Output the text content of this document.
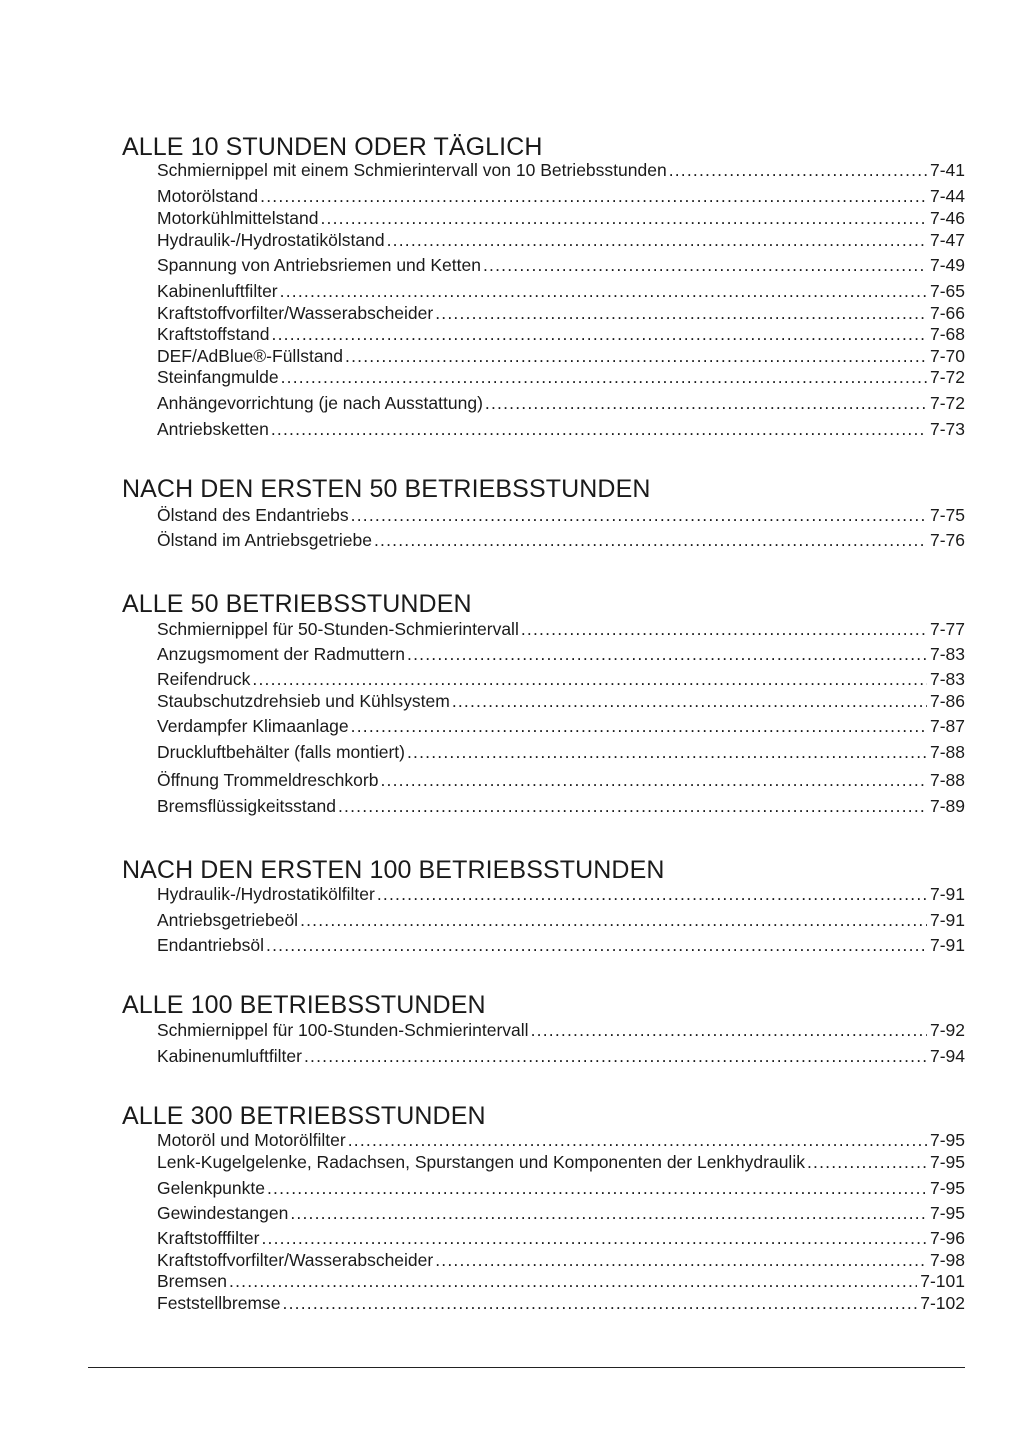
ALLE 10 STUNDEN ODER TÄGLICH
Schmiernippel mit einem Schmierintervall von 10 Betriebsstunden .....	7-41
Motorölstand .....	7-44
Motorkühlmittelstand .....	7-46
Hydraulik-/Hydrostatikölstand .....	7-47
Spannung von Antriebsriemen und Ketten .....	7-49
Kabinenluftfilter .....	7-65
Kraftstoffvorfilter/Wasserabscheider .....	7-66
Kraftstoffstand .....	7-68
DEF/AdBlue®-Füllstand .....	7-70
Steinfangmulde .....	7-72
Anhängevorrichtung (je nach Ausstattung) .....	7-72
Antriebsketten .....	7-73
NACH DEN ERSTEN 50 BETRIEBSSTUNDEN
Ölstand des Endantriebs .....	7-75
Ölstand im Antriebsgetriebe .....	7-76
ALLE 50 BETRIEBSSTUNDEN
Schmiernippel für 50-Stunden-Schmierintervall .....	7-77
Anzugsmoment der Radmuttern .....	7-83
Reifendruck .....	7-83
Staubschutzdrehsieb und Kühlsystem .....	7-86
Verdampfer Klimaanlage .....	7-87
Druckluftbehälter (falls montiert) .....	7-88
Öffnung Trommeldreschkorb .....	7-88
Bremsflüssigkeitsstand .....	7-89
NACH DEN ERSTEN 100 BETRIEBSSTUNDEN
Hydraulik-/Hydrostatikölfilter .....	7-91
Antriebsgetriebeöl .....	7-91
Endantriebsöl .....	7-91
ALLE 100 BETRIEBSSTUNDEN
Schmiernippel für 100-Stunden-Schmierintervall .....	7-92
Kabinenumluftfilter .....	7-94
ALLE 300 BETRIEBSSTUNDEN
Motoröl und Motorölfilter .....	7-95
Lenk-Kugelgelenke, Radachsen, Spurstangen und Komponenten der Lenkhydraulik .....	7-95
Gelenkpunkte .....	7-95
Gewindestangen .....	7-95
Kraftstofffilter .....	7-96
Kraftstoffvorfilter/Wasserabscheider .....	7-98
Bremsen .....	7-101
Feststellbremse .....	7-102
